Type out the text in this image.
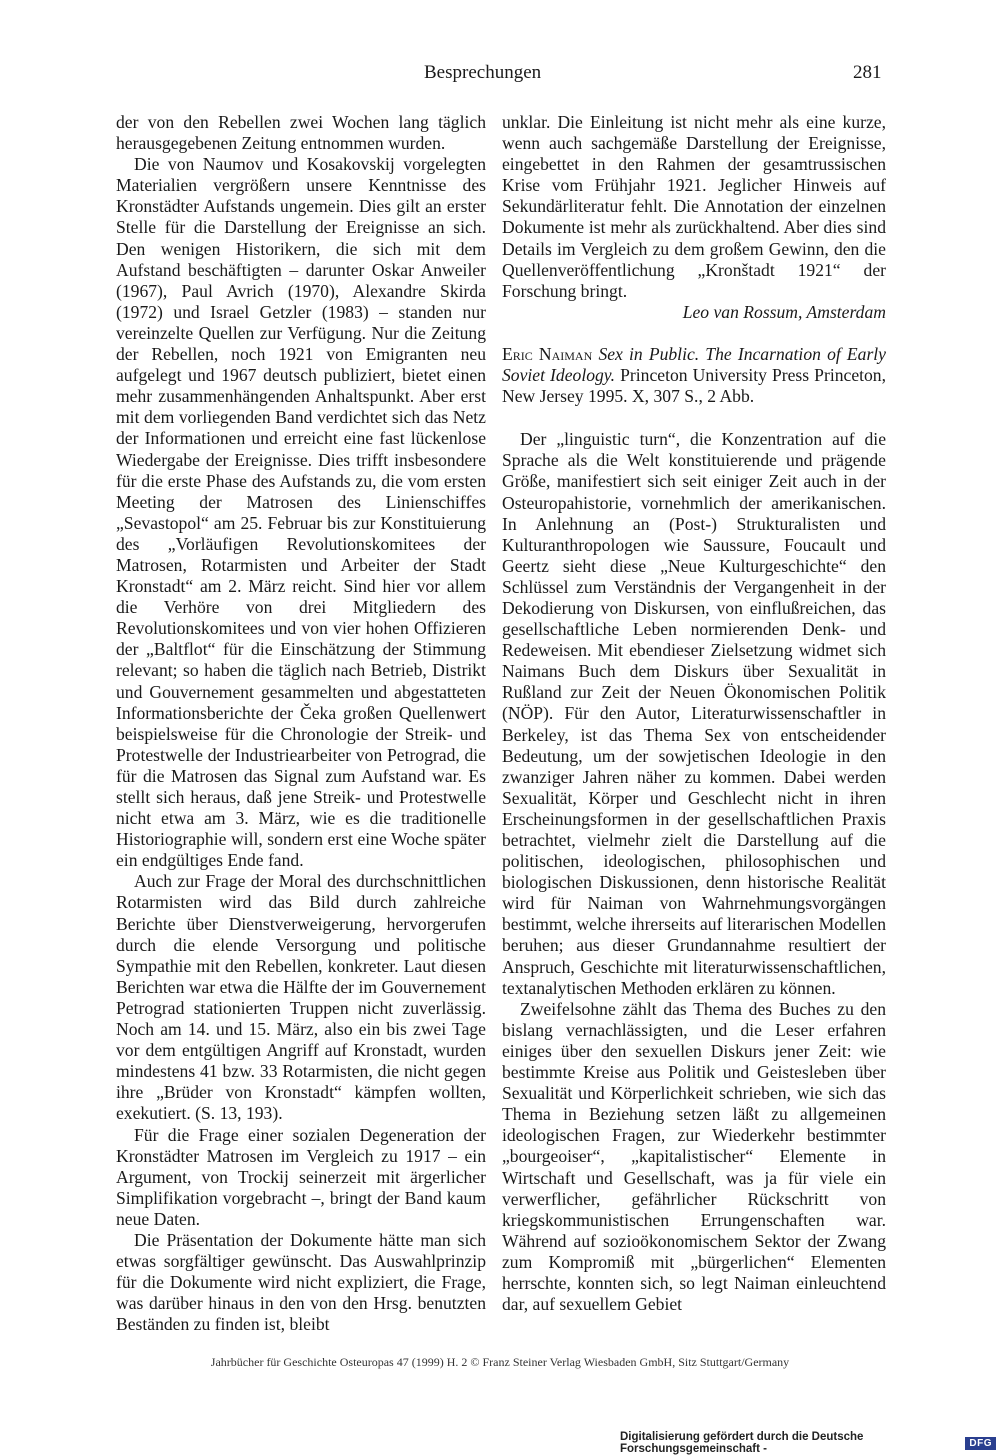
Besprechungen	281

der von den Rebellen zwei Wochen lang täglich herausgegebenen Zeitung entnommen wurden.

Die von Naumov und Kosakovskij vorgelegten Materialien vergrößern unsere Kenntnisse des Kronstädter Aufstands ungemein. Dies gilt an erster Stelle für die Darstellung der Ereignisse an sich. Den wenigen Historikern, die sich mit dem Aufstand beschäftigten – darunter Oskar Anweiler (1967), Paul Avrich (1970), Alexandre Skirda (1972) und Israel Getzler (1983) – standen nur vereinzelte Quellen zur Verfügung. Nur die Zeitung der Rebellen, noch 1921 von Emigranten neu aufgelegt und 1967 deutsch publiziert, bietet einen mehr zusammenhängenden Anhaltspunkt. Aber erst mit dem vorliegenden Band verdichtet sich das Netz der Informationen und erreicht eine fast lückenlose Wiedergabe der Ereignisse. Dies trifft insbesondere für die erste Phase des Aufstands zu, die vom ersten Meeting der Matrosen des Linienschiffes „Sevastopol“ am 25. Februar bis zur Konstituierung des „Vorläufigen Revolutionskomitees der Matrosen, Rotarmisten und Arbeiter der Stadt Kronstadt“ am 2. März reicht. Sind hier vor allem die Verhöre von drei Mitgliedern des Revolutionskomitees und von vier hohen Offizieren der „Baltflot“ für die Einschätzung der Stimmung relevant; so haben die täglich nach Betrieb, Distrikt und Gouvernement gesammelten und abgestatteten Informationsberichte der Čeka großen Quellenwert beispielsweise für die Chronologie der Streik- und Protestwelle der Industriearbeiter von Petrograd, die für die Matrosen das Signal zum Aufstand war. Es stellt sich heraus, daß jene Streik- und Protestwelle nicht etwa am 3. März, wie es die traditionelle Historiographie will, sondern erst eine Woche später ein endgültiges Ende fand.

Auch zur Frage der Moral des durchschnittlichen Rotarmisten wird das Bild durch zahlreiche Berichte über Dienstverweigerung, hervorgerufen durch die elende Versorgung und politische Sympathie mit den Rebellen, konkreter. Laut diesen Berichten war etwa die Hälfte der im Gouvernement Petrograd stationierten Truppen nicht zuverlässig. Noch am 14. und 15. März, also ein bis zwei Tage vor dem entgültigen Angriff auf Kronstadt, wurden mindestens 41 bzw. 33 Rotarmisten, die nicht gegen ihre „Brüder von Kronstadt“ kämpfen wollten, exekutiert. (S. 13, 193).

Für die Frage einer sozialen Degeneration der Kronstädter Matrosen im Vergleich zu 1917 – ein Argument, von Trockij seinerzeit mit ärgerlicher Simplifikation vorgebracht –, bringt der Band kaum neue Daten.

Die Präsentation der Dokumente hätte man sich etwas sorgfältiger gewünscht. Das Auswahlprinzip für die Dokumente wird nicht expliziert, die Frage, was darüber hinaus in den von den Hrsg. benutzten Beständen zu finden ist, bleibt

unklar. Die Einleitung ist nicht mehr als eine kurze, wenn auch sachgemäße Darstellung der Ereignisse, eingebettet in den Rahmen der gesamtrussischen Krise vom Frühjahr 1921. Jeglicher Hinweis auf Sekundärliteratur fehlt. Die Annotation der einzelnen Dokumente ist mehr als zurückhaltend. Aber dies sind Details im Vergleich zu dem großem Gewinn, den die Quellenveröffentlichung „Kronštadt 1921“ der Forschung bringt.

Leo van Rossum, Amsterdam

Eric Naiman Sex in Public. The Incarnation of Early Soviet Ideology. Princeton University Press Princeton, New Jersey 1995. X, 307 S., 2 Abb.

Der „linguistic turn“, die Konzentration auf die Sprache als die Welt konstituierende und prägende Größe, manifestiert sich seit einiger Zeit auch in der Osteuropahistorie, vornehmlich der amerikanischen. In Anlehnung an (Post-) Strukturalisten und Kulturanthropologen wie Saussure, Foucault und Geertz sieht diese „Neue Kulturgeschichte“ den Schlüssel zum Verständnis der Vergangenheit in der Dekodierung von Diskursen, von einflußreichen, das gesellschaftliche Leben normierenden Denk- und Redeweisen. Mit ebendieser Zielsetzung widmet sich Naimans Buch dem Diskurs über Sexualität in Rußland zur Zeit der Neuen Ökonomischen Politik (NÖP). Für den Autor, Literaturwissenschaftler in Berkeley, ist das Thema Sex von entscheidender Bedeutung, um der sowjetischen Ideologie in den zwanziger Jahren näher zu kommen. Dabei werden Sexualität, Körper und Geschlecht nicht in ihren Erscheinungsformen in der gesellschaftlichen Praxis betrachtet, vielmehr zielt die Darstellung auf die politischen, ideologischen, philosophischen und biologischen Diskussionen, denn historische Realität wird für Naiman von Wahrnehmungsvorgängen bestimmt, welche ihrerseits auf literarischen Modellen beruhen; aus dieser Grundannahme resultiert der Anspruch, Geschichte mit literaturwissenschaftlichen, textanalytischen Methoden erklären zu können.

Zweifelsohne zählt das Thema des Buches zu den bislang vernachlässigten, und die Leser erfahren einiges über den sexuellen Diskurs jener Zeit: wie bestimmte Kreise aus Politik und Geistesleben über Sexualität und Körperlichkeit schrieben, wie sich das Thema in Beziehung setzen läßt zu allgemeinen ideologischen Fragen, zur Wiederkehr bestimmter „bourgeoiser“, „kapitalistischer“ Elemente in Wirtschaft und Gesellschaft, was ja für viele ein verwerflicher, gefährlicher Rückschritt von kriegskommunistischen Errungenschaften war. Während auf sozioökonomischem Sektor der Zwang zum Kompromiß mit „bürgerlichen“ Elementen herrschte, konnten sich, so legt Naiman einleuchtend dar, auf sexuellem Gebiet

Jahrbücher für Geschichte Osteuropas 47 (1999) H. 2 © Franz Steiner Verlag Wiesbaden GmbH, Sitz Stuttgart/Germany
Digitalisierung gefördert durch die Deutsche Forschungsgemeinschaft -	DFG
